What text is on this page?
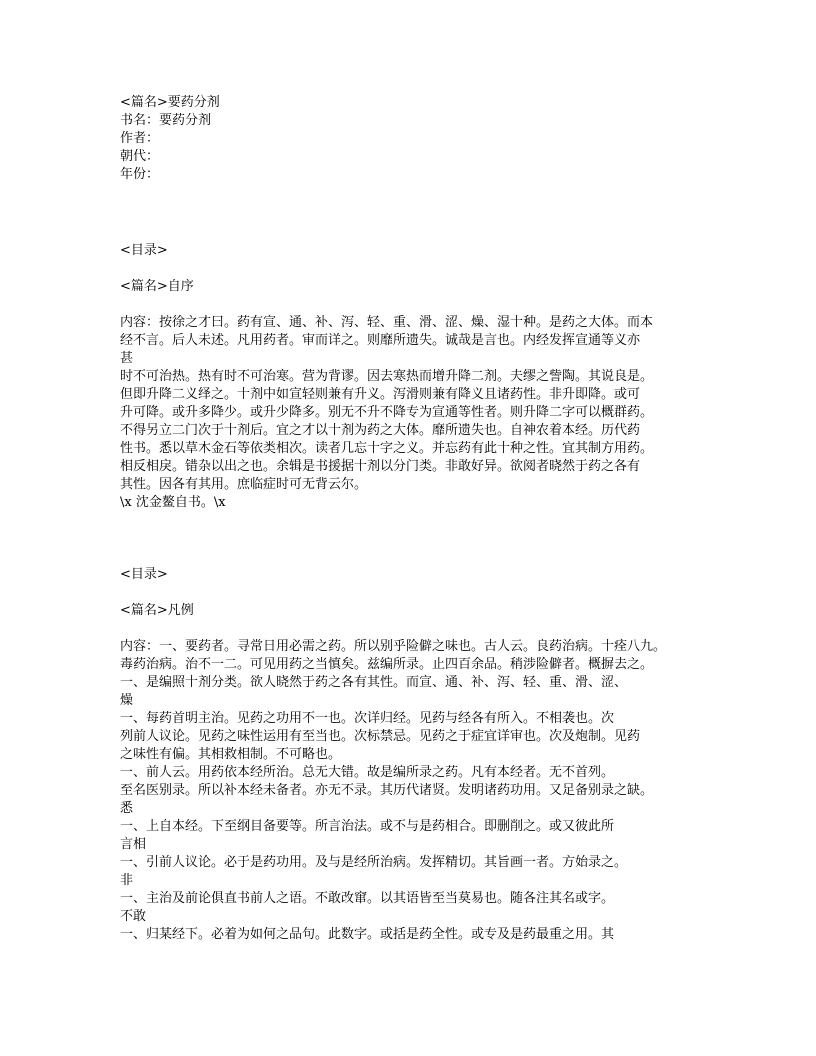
<篇名>要药分剂
书名：要药分剂
作者：
朝代：
年份：
<目录>
<篇名>自序
内容：按徐之才曰。药有宣、通、补、泻、轻、重、滑、涩、燥、湿十种。是药之大体。而本
经不言。后人未述。凡用药者。审而详之。则靡所遗失。诚哉是言也。内经发挥宣通等义亦
甚
时不可治热。热有时不可治寒。营为背谬。因去寒热而增升降二剂。夫缪之訾陶。其说良是。
但即升降二义绎之。十剂中如宣轻则兼有升义。泻滑则兼有降义且诸药性。非升即降。或可
升可降。或升多降少。或升少降多。别无不升不降专为宣通等性者。则升降二字可以概群药。
不得另立二门次于十剂后。宜之才以十剂为药之大体。靡所遗失也。自神农着本经。历代药
性书。悉以草木金石等依类相次。读者几忘十字之义。并忘药有此十种之性。宜其制方用药。
相反相戾。错杂以出之也。余辑是书援据十剂以分门类。非敢好异。欲阅者晓然于药之各有
其性。因各有其用。庶临症时可无背云尔。
\x 沈金鳌自书。\x
<目录>
<篇名>凡例
内容：一、要药者。寻常日用必需之药。所以别乎险僻之味也。古人云。良药治病。十痊八九。
毒药治病。治不一二。可见用药之当慎矣。兹编所录。止四百余品。稍涉险僻者。概摒去之。
一、是编照十剂分类。欲人晓然于药之各有其性。而宣、通、补、泻、轻、重、滑、涩、
燥
一、每药首明主治。见药之功用不一也。次详归经。见药与经各有所入。不相袭也。次
列前人议论。见药之味性运用有至当也。次标禁忌。见药之于症宜详审也。次及炮制。见药
之味性有偏。其相救相制。不可略也。
一、前人云。用药依本经所治。总无大错。故是编所录之药。凡有本经者。无不首列。
至名医别录。所以补本经未备者。亦无不录。其历代诸贤。发明诸药功用。又足备别录之缺。
悉
一、上自本经。下至纲目备要等。所言治法。或不与是药相合。即删削之。或又彼此所
言相
一、引前人议论。必于是药功用。及与是经所治病。发挥精切。其旨画一者。方始录之。
非
一、主治及前论俱直书前人之语。不敢改窜。以其语皆至当莫易也。随各注其名或字。
不敢
一、归某经下。必着为如何之品句。此数字。或括是药全性。或专及是药最重之用。其
